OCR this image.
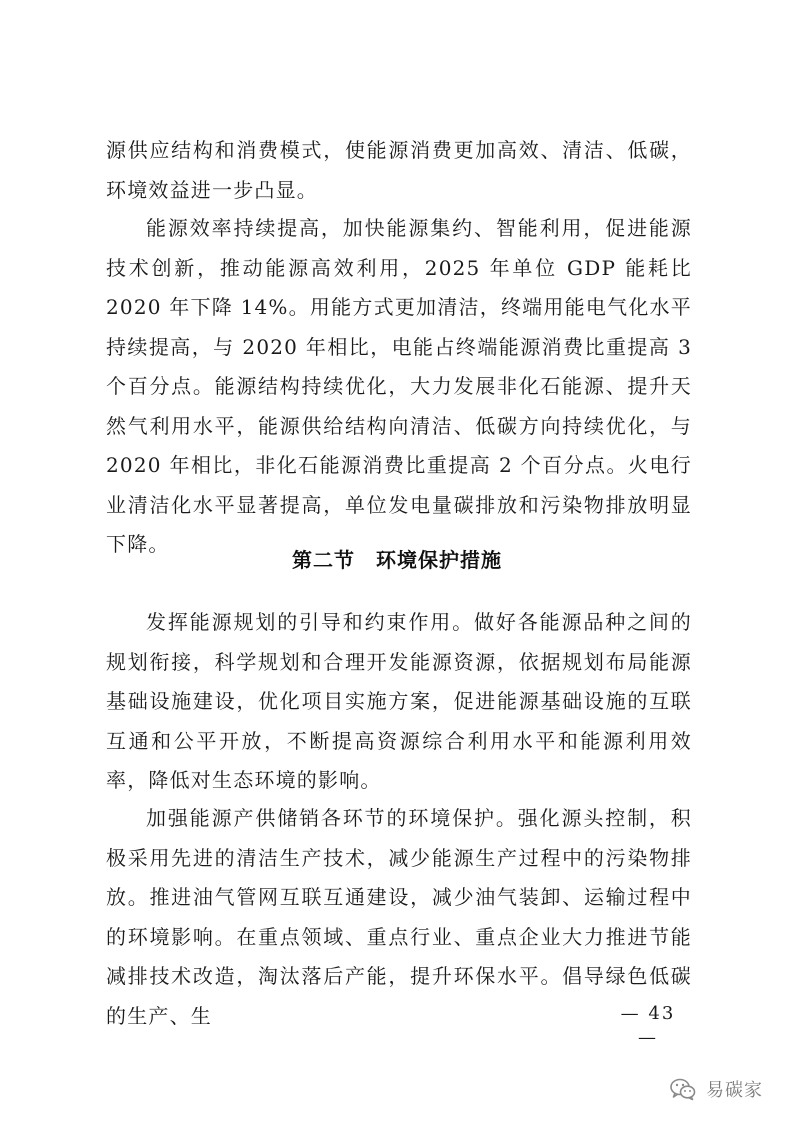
源供应结构和消费模式，使能源消费更加高效、清洁、低碳，环境效益进一步凸显。

能源效率持续提高，加快能源集约、智能利用，促进能源技术创新，推动能源高效利用，2025 年单位 GDP 能耗比 2020 年下降 14%。用能方式更加清洁，终端用能电气化水平持续提高，与 2020 年相比，电能占终端能源消费比重提高 3 个百分点。能源结构持续优化，大力发展非化石能源、提升天然气利用水平，能源供给结构向清洁、低碳方向持续优化，与 2020 年相比，非化石能源消费比重提高 2 个百分点。火电行业清洁化水平显著提高，单位发电量碳排放和污染物排放明显下降。

第二节　环境保护措施

发挥能源规划的引导和约束作用。做好各能源品种之间的规划衔接，科学规划和合理开发能源资源，依据规划布局能源基础设施建设，优化项目实施方案，促进能源基础设施的互联互通和公平开放，不断提高资源综合利用水平和能源利用效率，降低对生态环境的影响。

加强能源产供储销各环节的环境保护。强化源头控制，积极采用先进的清洁生产技术，减少能源生产过程中的污染物排放。推进油气管网互联互通建设，减少油气装卸、运输过程中的环境影响。在重点领域、重点行业、重点企业大力推进节能减排技术改造，淘汰落后产能，提升环保水平。倡导绿色低碳的生产、生	— 43 —
易碳家
